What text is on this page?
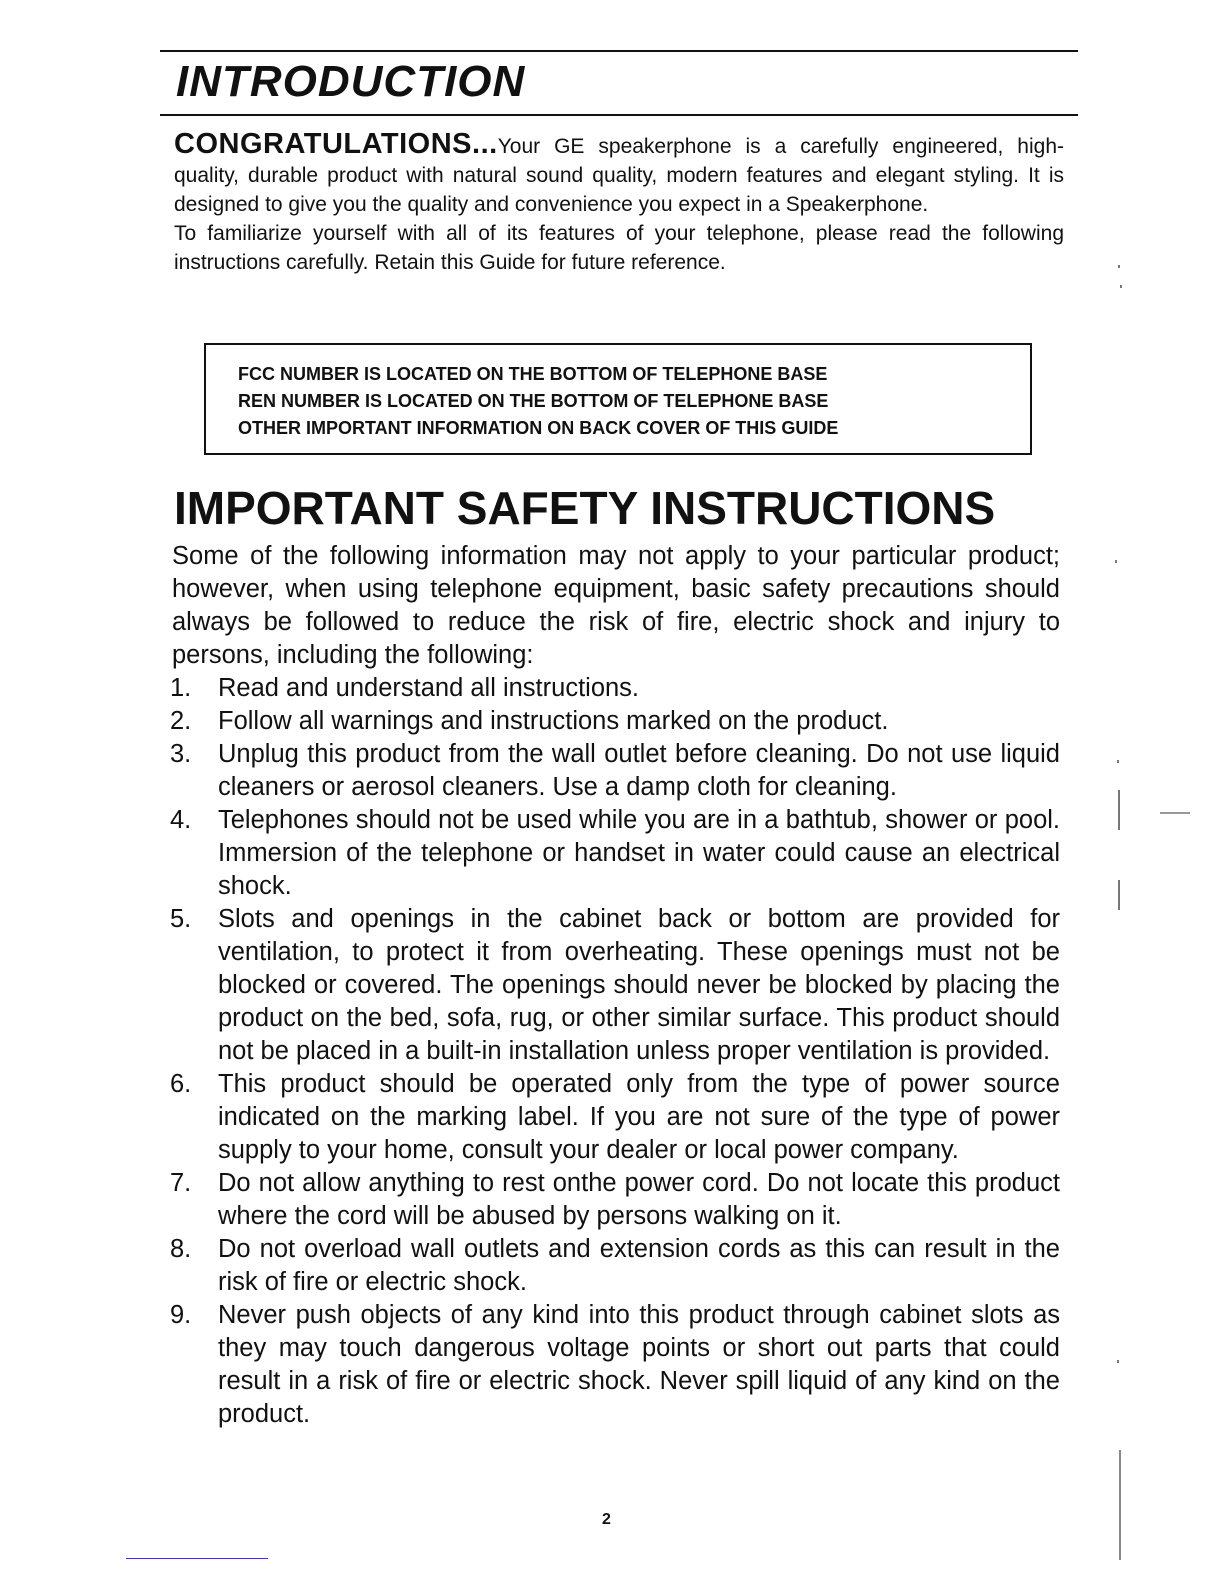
INTRODUCTION

CONGRATULATIONS...Your GE speakerphone is a carefully engineered, high-quality, durable product with natural sound quality, modern features and elegant styling. It is designed to give you the quality and convenience you expect in a Speakerphone.

To familiarize yourself with all of its features of your telephone, please read the following instructions carefully. Retain this Guide for future reference.

FCC NUMBER IS LOCATED ON THE BOTTOM OF TELEPHONE BASE
REN NUMBER IS LOCATED ON THE BOTTOM OF TELEPHONE BASE
OTHER IMPORTANT INFORMATION ON BACK COVER OF THIS GUIDE
IMPORTANT SAFETY INSTRUCTIONS

Some of the following information may not apply to your particular product; however, when using telephone equipment, basic safety precautions should always be followed to reduce the risk of fire, electric shock and injury to persons, including the following:

1. Read and understand all instructions.
2. Follow all warnings and instructions marked on the product.
3. Unplug this product from the wall outlet before cleaning. Do not use liquid cleaners or aerosol cleaners. Use a damp cloth for cleaning.
4. Telephones should not be used while you are in a bathtub, shower or pool. Immersion of the telephone or handset in water could cause an electrical shock.
5. Slots and openings in the cabinet back or bottom are provided for ventilation, to protect it from overheating. These openings must not be blocked or covered. The openings should never be blocked by placing the product on the bed, sofa, rug, or other similar surface. This product should not be placed in a built-in installation unless proper ventilation is provided.
6. This product should be operated only from the type of power source indicated on the marking label. If you are not sure of the type of power supply to your home, consult your dealer or local power company.
7. Do not allow anything to rest onthe power cord. Do not locate this product where the cord will be abused by persons walking on it.
8. Do not overload wall outlets and extension cords as this can result in the risk of fire or electric shock.
9. Never push objects of any kind into this product through cabinet slots as they may touch dangerous voltage points or short out parts that could result in a risk of fire or electric shock. Never spill liquid of any kind on the product.
2
